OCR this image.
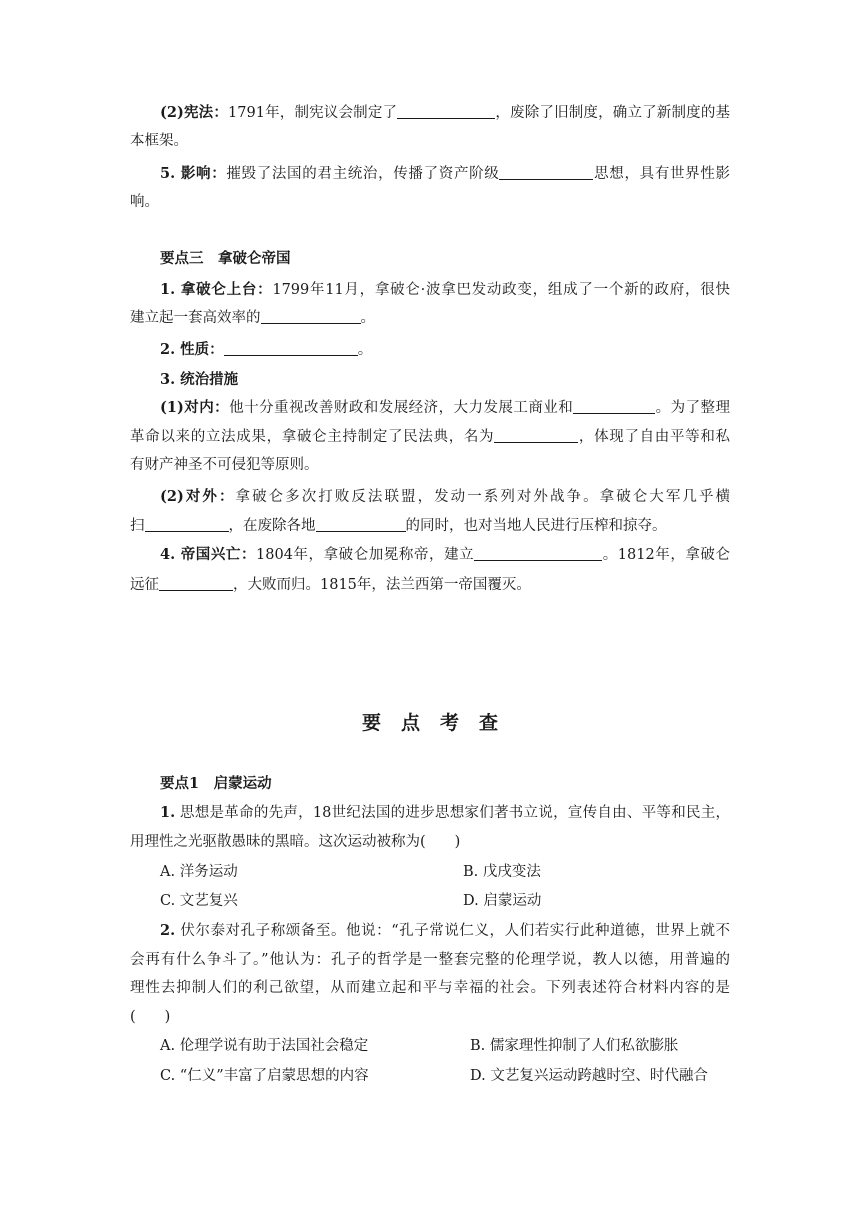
(2)宪法：1791年，制宪议会制定了	，废除了旧制度，确立了新制度的基
本框架。
5. 影响：摧毁了法国的君主统治，传播了资产阶级	思想，具有世界性影
响。
要点三　拿破仑帝国
1. 拿破仑上台：1799年11月，拿破仑·波拿巴发动政变，组成了一个新的政府，很快
建立起一套高效率的	。
2. 性质：	。
3. 统治措施
(1)对内：他十分重视改善财政和发展经济，大力发展工商业和	。为了整理
革命以来的立法成果，拿破仑主持制定了民法典，名为	，体现了自由平等和私
有财产神圣不可侵犯等原则。
(2)对外：拿破仑多次打败反法联盟，发动一系列对外战争。拿破仑大军几乎横
扫	，在废除各地	的同时，也对当地人民进行压榨和掠夺。
4. 帝国兴亡：1804年，拿破仑加冕称帝，建立	。1812年，拿破仑
远征	，大败而归。1815年，法兰西第一帝国覆灭。
要点考查
要点1　启蒙运动
1. 思想是革命的先声，18世纪法国的进步思想家们著书立说，宣传自由、平等和民主，
用理性之光驱散愚昧的黑暗。这次运动被称为(　　)
A. 洋务运动	B. 戊戌变法
C. 文艺复兴	D. 启蒙运动
2. 伏尔泰对孔子称颂备至。他说：“孔子常说仁义，人们若实行此种道德，世界上就不
会再有什么争斗了。”他认为：孔子的哲学是一整套完整的伦理学说，教人以德，用普遍的
理性去抑制人们的利己欲望，从而建立起和平与幸福的社会。下列表述符合材料内容的是
(　　)
A. 伦理学说有助于法国社会稳定	B. 儒家理性抑制了人们私欲膨胀
C. “仁义”丰富了启蒙思想的内容	D. 文艺复兴运动跨越时空、时代融合
